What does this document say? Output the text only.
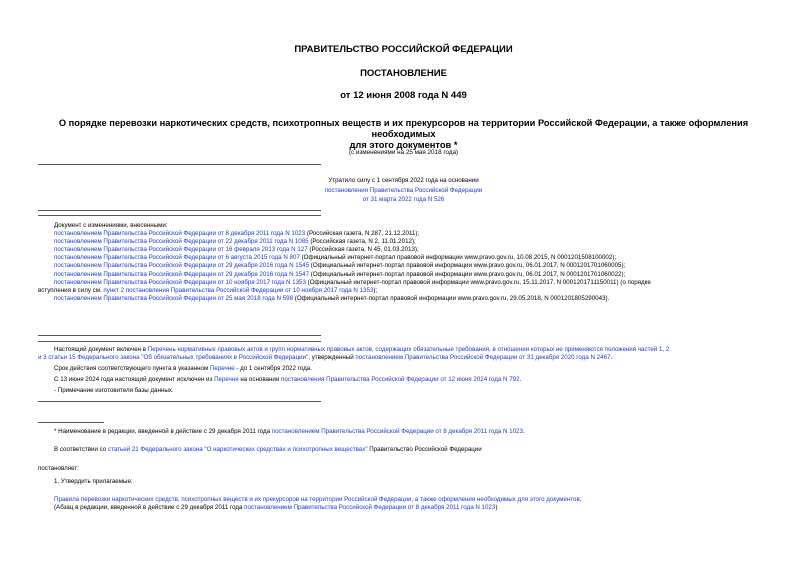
ПРАВИТЕЛЬСТВО РОССИЙСКОЙ ФЕДЕРАЦИИ
ПОСТАНОВЛЕНИЕ
от 12 июня 2008 года N 449
О порядке перевозки наркотических средств, психотропных веществ и их прекурсоров на территории Российской Федерации, а также оформления необходимых
для этого документов *
(с изменениями на 25 мая 2018 года)
Утратило силу с 1 сентября 2022 года на основании
постановления Правительства Российской Федерации
от 31 марта 2022 года N 526
Документ с изменениями, внесенными:
постановлением Правительства Российской Федерации от 8 декабря 2011 года N 1023 (Российская газета, N 287, 21.12.2011);
постановлением Правительства Российской Федерации от 22 декабря 2011 года N 1085 (Российская газета, N 2, 11.01.2012);
постановлением Правительства Российской Федерации от 16 февраля 2013 года N 127 (Российская газета, N 45, 01.03.2013);
постановлением Правительства Российской Федерации от 6 августа 2015 года N 807 (Официальный интернет-портал правовой информации www.pravo.gov.ru, 10.08.2015, N 0001201508100002);
постановлением Правительства Российской Федерации от 29 декабря 2016 года N 1545 (Официальный интернет-портал правовой информации www.pravo.gov.ru, 06.01.2017, N 0001201701060005);
постановлением Правительства Российской Федерации от 29 декабря 2016 года N 1547 (Официальный интернет-портал правовой информации www.pravo.gov.ru, 06.01.2017, N 0001201701060022);
постановлением Правительства Российской Федерации от 10 ноября 2017 года N 1353 (Официальный интернет-портал правовой информации www.pravo.gov.ru, 15.11.2017, N 0001201711150011) (о порядке
вступления в силу см. пункт 2 постановления Правительства Российской Федерации от 10 ноября 2017 года N 1353);
постановлением Правительства Российской Федерации от 25 мая 2018 года N 598 (Официальный интернет-портал правовой информации www.pravo.gov.ru, 29.05.2018, N 0001201805290043).
Настоящий документ включен в Перечень нормативных правовых актов и групп нормативных правовых актов, содержащих обязательные требования, в отношении которых не применяются положения частей 1, 2
и 3 статьи 15 Федерального закона "Об обязательных требованиях в Российской Федерации", утвержденный постановлением Правительства Российской Федерации от 31 декабря 2020 года N 2467.
Срок действия соответствующего пункта в указанном Перечне - до 1 сентября 2022 года.
С 13 июня 2024 года настоящий документ исключен из Перечня на основании постановления Правительства Российской Федерации от 12 июня 2024 года N 792.
- Примечание изготовителя базы данных.
* Наименование в редакции, введенной в действие с 29 декабря 2011 года постановлением Правительства Российской Федерации от 8 декабря 2011 года N 1023.
В соответствии со статьей 21 Федерального закона "О наркотических средствах и психотропных веществах" Правительство Российской Федерации
постановляет:
1. Утвердить прилагаемые:
Правила перевозки наркотических средств, психотропных веществ и их прекурсоров на территории Российской Федерации, а также оформления необходимых для этого документов;
(Абзац в редакции, введенной в действие с 29 декабря 2011 года постановлением Правительства Российской Федерации от 8 декабря 2011 года N 1023)
